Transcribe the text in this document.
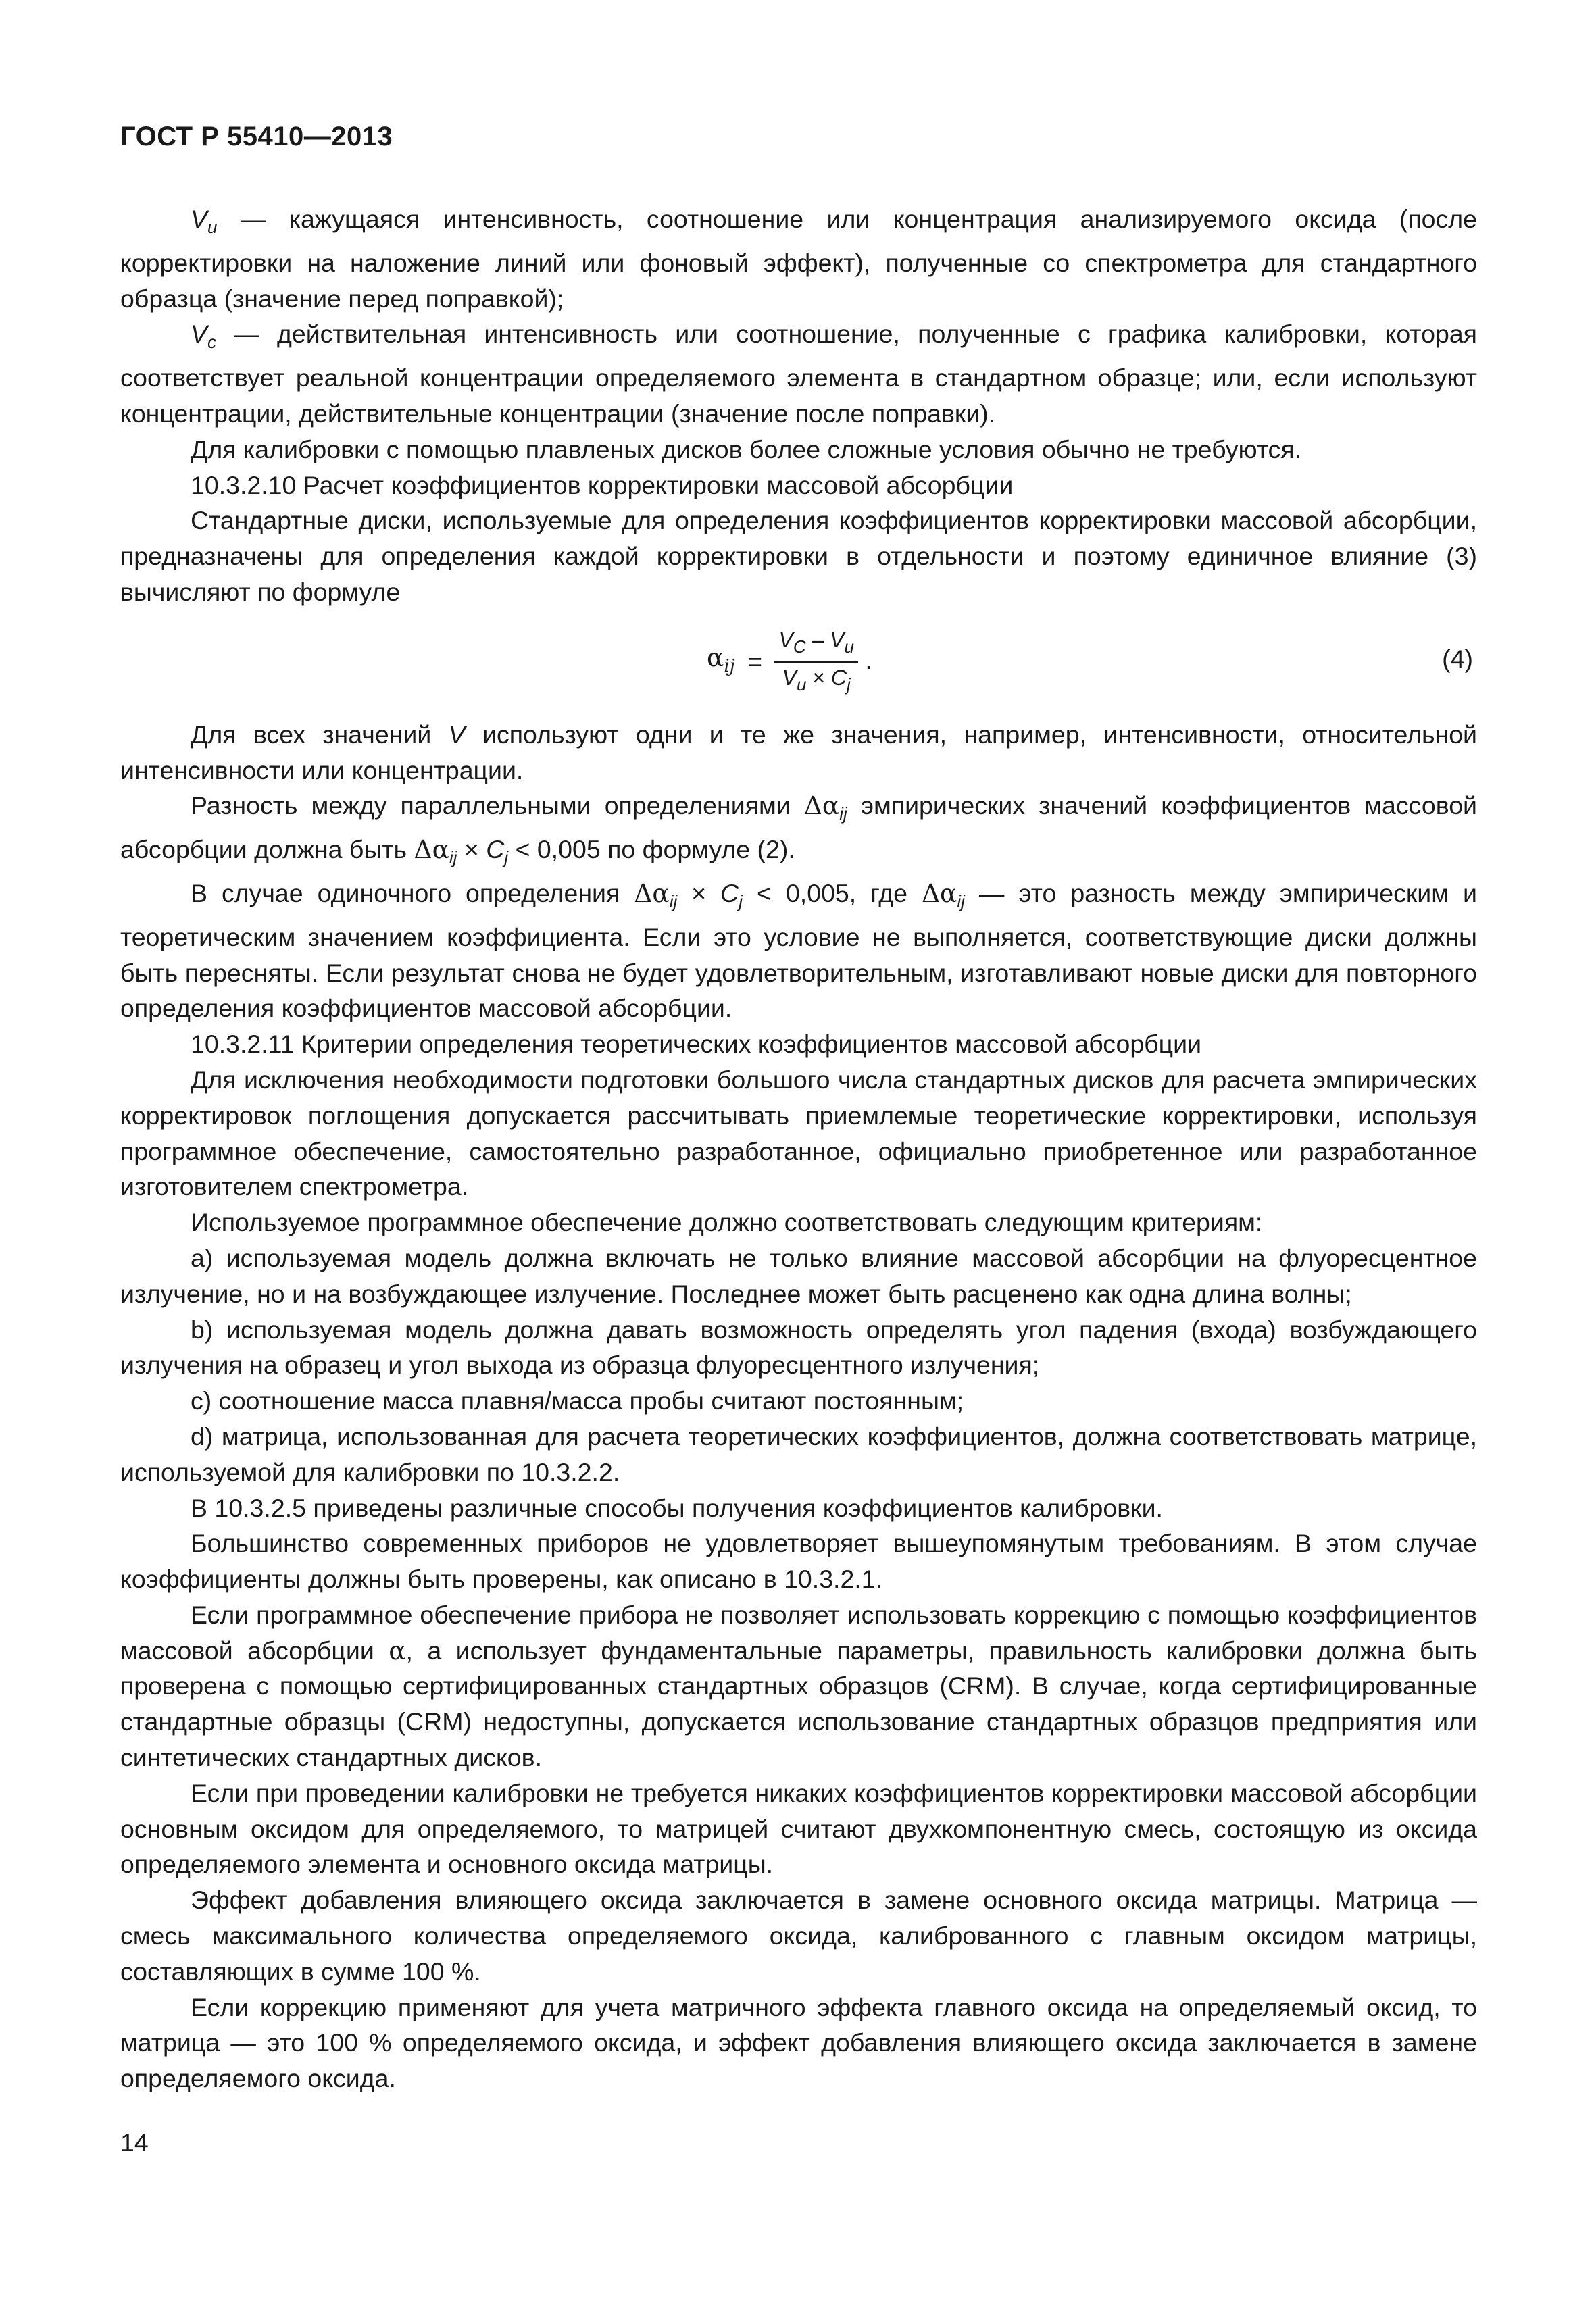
ГОСТ Р 55410—2013

$V_u$ — кажущаяся интенсивность, соотношение или концентрация анализируемого оксида (после корректировки на наложение линий или фоновый эффект), полученные со спектрометра для стандартного образца (значение перед поправкой);

$V_c$ — действительная интенсивность или соотношение, полученные с графика калибровки, которая соответствует реальной концентрации определяемого элемента в стандартном образце; или, если используют концентрации, действительные концентрации (значение после поправки).

Для калибровки с помощью плавленых дисков более сложные условия обычно не требуются.

10.3.2.10 Расчет коэффициентов корректировки массовой абсорбции

Стандартные диски, используемые для определения коэффициентов корректировки массовой абсорбции, предназначены для определения каждой корректировки в отдельности и поэтому единичное влияние (3) вычисляют по формуле

$\alpha_{ij} = \frac{V_C - V_u}{V_u \times C_j}$ .	(4)

Для всех значений V используют одни и те же значения, например, интенсивности, относительной интенсивности или концентрации.

Разность между параллельными определениями $\Delta\alpha_{ij}$ эмпирических значений коэффициентов массовой абсорбции должна быть $\Delta\alpha_{ij} \times C_j < 0,005$ по формуле (2).

В случае одиночного определения $\Delta\alpha_{ij} \times C_j < 0,005$, где $\Delta\alpha_{ij}$ — это разность между эмпирическим и теоретическим значением коэффициента. Если это условие не выполняется, соответствующие диски должны быть пересняты. Если результат снова не будет удовлетворительным, изготавливают новые диски для повторного определения коэффициентов массовой абсорбции.

10.3.2.11 Критерии определения теоретических коэффициентов массовой абсорбции

Для исключения необходимости подготовки большого числа стандартных дисков для расчета эмпирических корректировок поглощения допускается рассчитывать приемлемые теоретические корректировки, используя программное обеспечение, самостоятельно разработанное, официально приобретенное или разработанное изготовителем спектрометра.

Используемое программное обеспечение должно соответствовать следующим критериям:

a) используемая модель должна включать не только влияние массовой абсорбции на флуоресцентное излучение, но и на возбуждающее излучение. Последнее может быть расценено как одна длина волны;

b) используемая модель должна давать возможность определять угол падения (входа) возбуждающего излучения на образец и угол выхода из образца флуоресцентного излучения;

c) соотношение масса плавня/масса пробы считают постоянным;

d) матрица, использованная для расчета теоретических коэффициентов, должна соответствовать матрице, используемой для калибровки по 10.3.2.2.

В 10.3.2.5 приведены различные способы получения коэффициентов калибровки.

Большинство современных приборов не удовлетворяет вышеупомянутым требованиям. В этом случае коэффициенты должны быть проверены, как описано в 10.3.2.1.

Если программное обеспечение прибора не позволяет использовать коррекцию с помощью коэффициентов массовой абсорбции α, а использует фундаментальные параметры, правильность калибровки должна быть проверена с помощью сертифицированных стандартных образцов (CRM). В случае, когда сертифицированные стандартные образцы (CRM) недоступны, допускается использование стандартных образцов предприятия или синтетических стандартных дисков.

Если при проведении калибровки не требуется никаких коэффициентов корректировки массовой абсорбции основным оксидом для определяемого, то матрицей считают двухкомпонентную смесь, состоящую из оксида определяемого элемента и основного оксида матрицы.

Эффект добавления влияющего оксида заключается в замене основного оксида матрицы. Матрица — смесь максимального количества определяемого оксида, калиброванного с главным оксидом матрицы, составляющих в сумме 100 %.

Если коррекцию применяют для учета матричного эффекта главного оксида на определяемый оксид, то матрица — это 100 % определяемого оксида, и эффект добавления влияющего оксида заключается в замене определяемого оксида.

14
